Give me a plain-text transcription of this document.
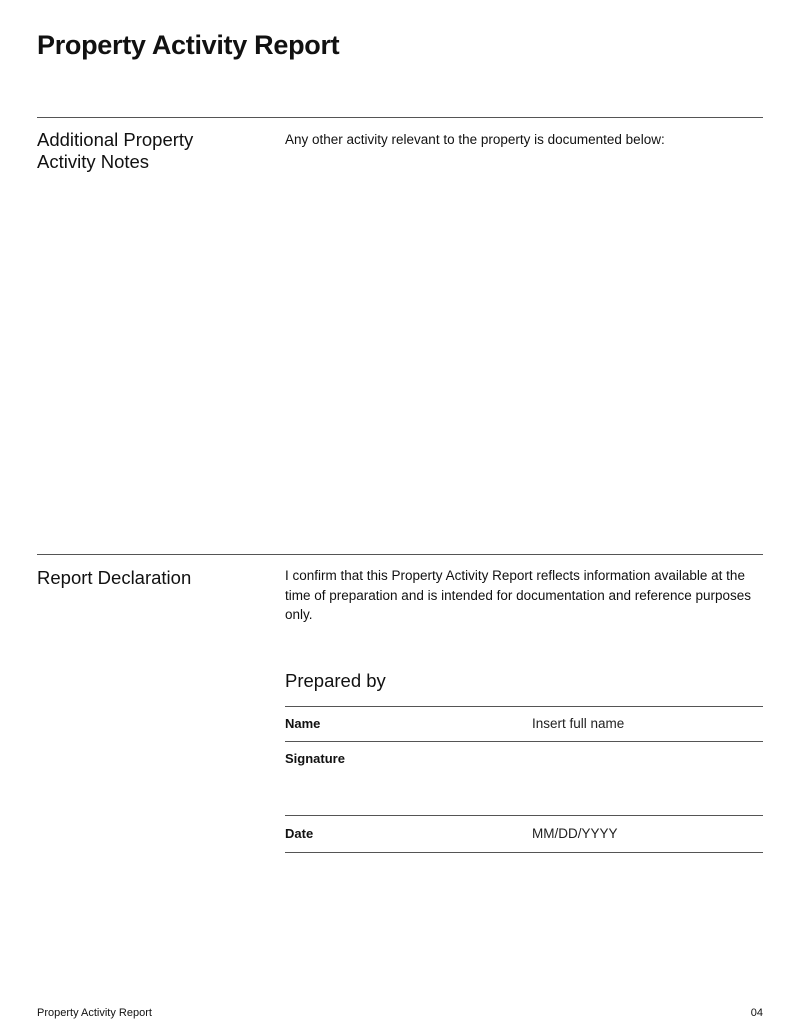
Property Activity Report
Additional Property Activity Notes

Any other activity relevant to the property is documented below:

Report Declaration	I confirm that this Property Activity Report reflects information available at the time of preparation and is intended for documentation and reference purposes only.

Prepared by
Name	Insert full name
Signature
Date	MM/DD/YYYY
Property Activity Report	04
